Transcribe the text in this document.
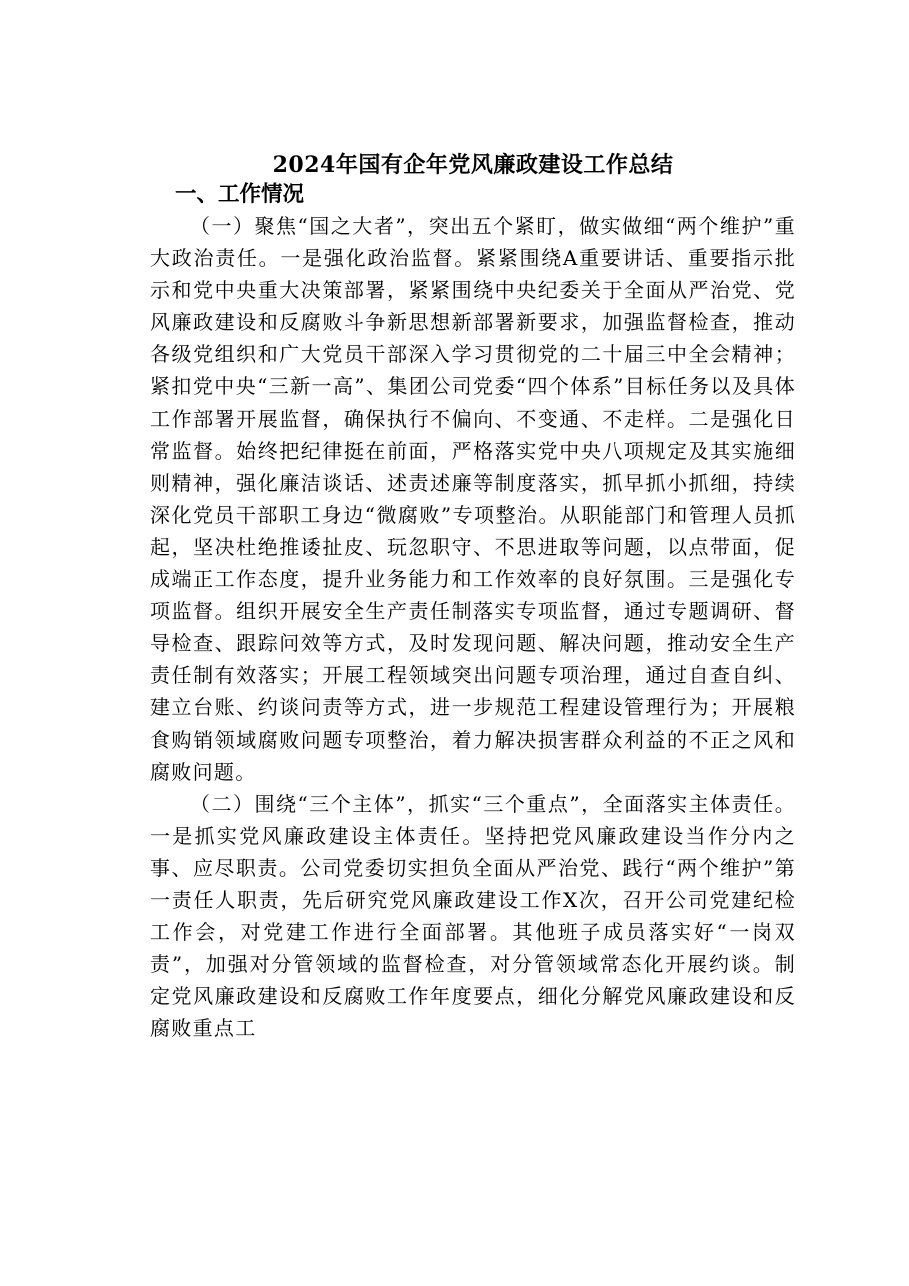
2024年国有企年党风廉政建设工作总结
一、工作情况

（一）聚焦“国之大者”，突出五个紧盯，做实做细“两个维护”重大政治责任。一是强化政治监督。紧紧围绕A重要讲话、重要指示批示和党中央重大决策部署，紧紧围绕中央纪委关于全面从严治党、党风廉政建设和反腐败斗争新思想新部署新要求，加强监督检查，推动各级党组织和广大党员干部深入学习贯彻党的二十届三中全会精神；紧扣党中央“三新一高”、集团公司党委“四个体系”目标任务以及具体工作部署开展监督，确保执行不偏向、不变通、不走样。二是强化日常监督。始终把纪律挺在前面，严格落实党中央八项规定及其实施细则精神，强化廉洁谈话、述责述廉等制度落实，抓早抓小抓细，持续深化党员干部职工身边“微腐败”专项整治。从职能部门和管理人员抓起，坚决杜绝推诿扯皮、玩忽职守、不思进取等问题，以点带面，促成端正工作态度，提升业务能力和工作效率的良好氛围。三是强化专项监督。组织开展安全生产责任制落实专项监督，通过专题调研、督导检查、跟踪问效等方式，及时发现问题、解决问题，推动安全生产责任制有效落实；开展工程领域突出问题专项治理，通过自查自纠、建立台账、约谈问责等方式，进一步规范工程建设管理行为；开展粮食购销领域腐败问题专项整治，着力解决损害群众利益的不正之风和腐败问题。

（二）围绕“三个主体”，抓实“三个重点”，全面落实主体责任。一是抓实党风廉政建设主体责任。坚持把党风廉政建设当作分内之事、应尽职责。公司党委切实担负全面从严治党、践行“两个维护”第一责任人职责，先后研究党风廉政建设工作X次，召开公司党建纪检工作会，对党建工作进行全面部署。其他班子成员落实好“一岗双责”，加强对分管领域的监督检查，对分管领域常态化开展约谈。制定党风廉政建设和反腐败工作年度要点，细化分解党风廉政建设和反腐败重点工
